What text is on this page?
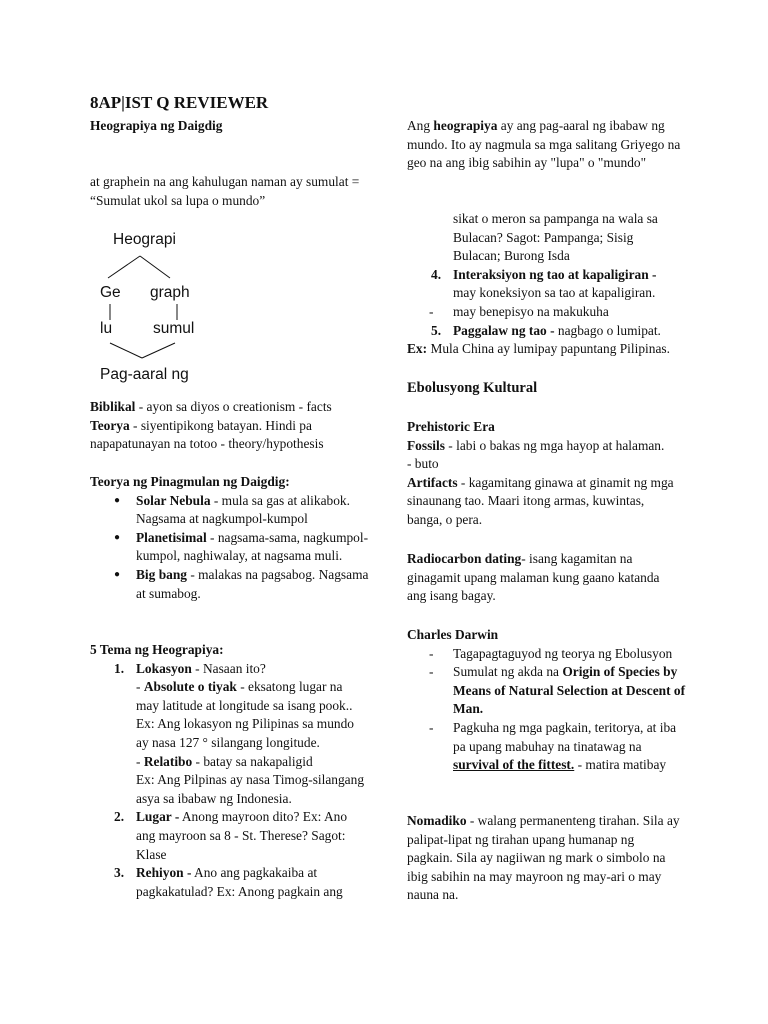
8AP|IST Q REVIEWER
Heograpiya ng Daigdig
at graphein na ang kahulugan naman ay sumulat = “Sumulat ukol sa lupa o mundo”
Heograpi
Ge graph
lu	sumul
Pag-aaral ng
Biblikal - ayon sa diyos o creationism - facts
Teorya - siyentipikong batayan. Hindi pa napapatunayan na totoo - theory/hypothesis
Teorya ng Pinagmulan ng Daigdig:
● Solar Nebula - mula sa gas at alikabok. Nagsama at nagkumpol-kumpol
● Planetisimal - nagsama-sama, nagkumpol-kumpol, naghiwalay, at nagsama muli.
● Big bang - malakas na pagsabog. Nagsama at sumabog.
5 Tema ng Heograpiya:
1. Lokasyon - Nasaan ito?
- Absolute o tiyak - eksatong lugar na may latitude at longitude sa isang pook..
Ex: Ang lokasyon ng Pilipinas sa mundo ay nasa 127 ° silangang longitude.
- Relatibo - batay sa nakapaligid
Ex: Ang Pilpinas ay nasa Timog-silangang asya sa ibabaw ng Indonesia.
2. Lugar - Anong mayroon dito? Ex: Ano ang mayroon sa 8 - St. Therese? Sagot: Klase
3. Rehiyon - Ano ang pagkakaiba at pagkakatulad? Ex: Anong pagkain ang
Ang heograpiya ay ang pag-aaral ng ibabaw ng mundo. Ito ay nagmula sa mga salitang Griyego na geo na ang ibig sabihin ay "lupa" o "mundo"
sikat o meron sa pampanga na wala sa Bulacan? Sagot: Pampanga; Sisig Bulacan; Burong Isda
4. Interaksiyon ng tao at kapaligiran -
may koneksiyon sa tao at kapaligiran.
- may benepisyo na makukuha
5. Paggalaw ng tao - nagbago o lumipat.
Ex: Mula China ay lumipay papuntang Pilipinas.
Ebolusyong Kultural
Prehistoric Era
Fossils - labi o bakas ng mga hayop at halaman.
- buto
Artifacts - kagamitang ginawa at ginamit ng mga sinaunang tao. Maari itong armas, kuwintas, banga, o pera.
Radiocarbon dating- isang kagamitan na ginagamit upang malaman kung gaano katanda ang isang bagay.
Charles Darwin
- Tagapagtaguyod ng teorya ng Ebolusyon
- Sumulat ng akda na Origin of Species by Means of Natural Selection at Descent of Man.
- Pagkuha ng mga pagkain, teritorya, at iba pa upang mabuhay na tinatawag na survival of the fittest. - matira matibay
Nomadiko - walang permanenteng tirahan. Sila ay palipat-lipat ng tirahan upang humanap ng pagkain. Sila ay nagiiwan ng mark o simbolo na ibig sabihin na may mayroon ng may-ari o may nauna na.
